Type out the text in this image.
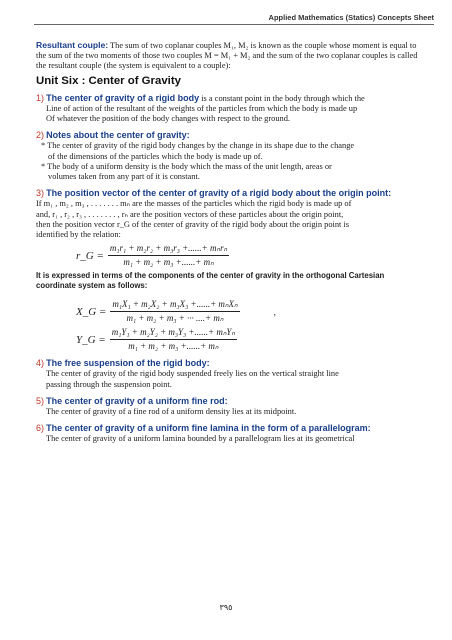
Applied Mathematics (Statics) Concepts Sheet

Resultant couple: The sum of two coplanar couples M₁, M₂ is known as the couple whose moment is equal to the sum of the two moments of those two couples M = M₁ + M₂ and the sum of the two coplanar couples is called the resultant couple (the system is equivalent to a couple):

Unit Six : Center of Gravity

1) The center of gravity of a rigid body is a constant point in the body through which the

Line of action of the resultant of the weights of the particles from which the body is made up

Of whatever the position of the body changes with respect to the ground.

2) Notes about the center of gravity:

* The center of gravity of the rigid body changes by the change in its shape due to the change
of the dimensions of the particles which the body is made up of.

* The body of a uniform density is the body which the mass of the unit length, areas or
volumes taken from any part of it is constant.

3) The position vector of the center of gravity of a rigid body about the origin point:

If m₁ , m₂ , m₃ , . . . . . . . mₙ are the masses of the particles which the rigid body is made up of

and, r₁ , r₂ , r₃ , . . . . . . . , rₙ are the position vectors of these particles about the origin point,

then the position vector r_G of the center of gravity of the rigid body about the origin point is

identified by the relation:

r_G = $\frac{\text{m₁r₁ + m₂r₂ + m₃r₃ +......+ mₙrₙ}}{\text{m₁ + m₂ + m₃ +......+ mₙ}}$

It is expressed in terms of the components of the center of gravity in the orthogonal Cartesian coordinate system as follows:

X_G = $\frac{\text{m₁X₁ + m₂X₂ + m₃X₃ +......+ mₙXₙ}}{\text{m₁ + m₂ + m₃ + ··· ....+ mₙ}}$	,
Y_G = $\frac{\text{m₁Y₁ + m₂Y₂ + m₃Y₃ +......+ mₙYₙ}}{\text{m₁ + m₂ + m₃ +......+ mₙ}}$

4) The free suspension of the rigid body:

The center of gravity of the rigid body suspended freely lies on the vertical straight line

passing through the suspension point.

5) The center of gravity of a uniform fine rod:

The center of gravity of a fine rod of a uniform density lies at its midpoint.

6) The center of gravity of a uniform fine lamina in the form of a parallelogram:

The center of gravity of a uniform lamina bounded by a parallelogram lies at its geometrical

٣٩٥
